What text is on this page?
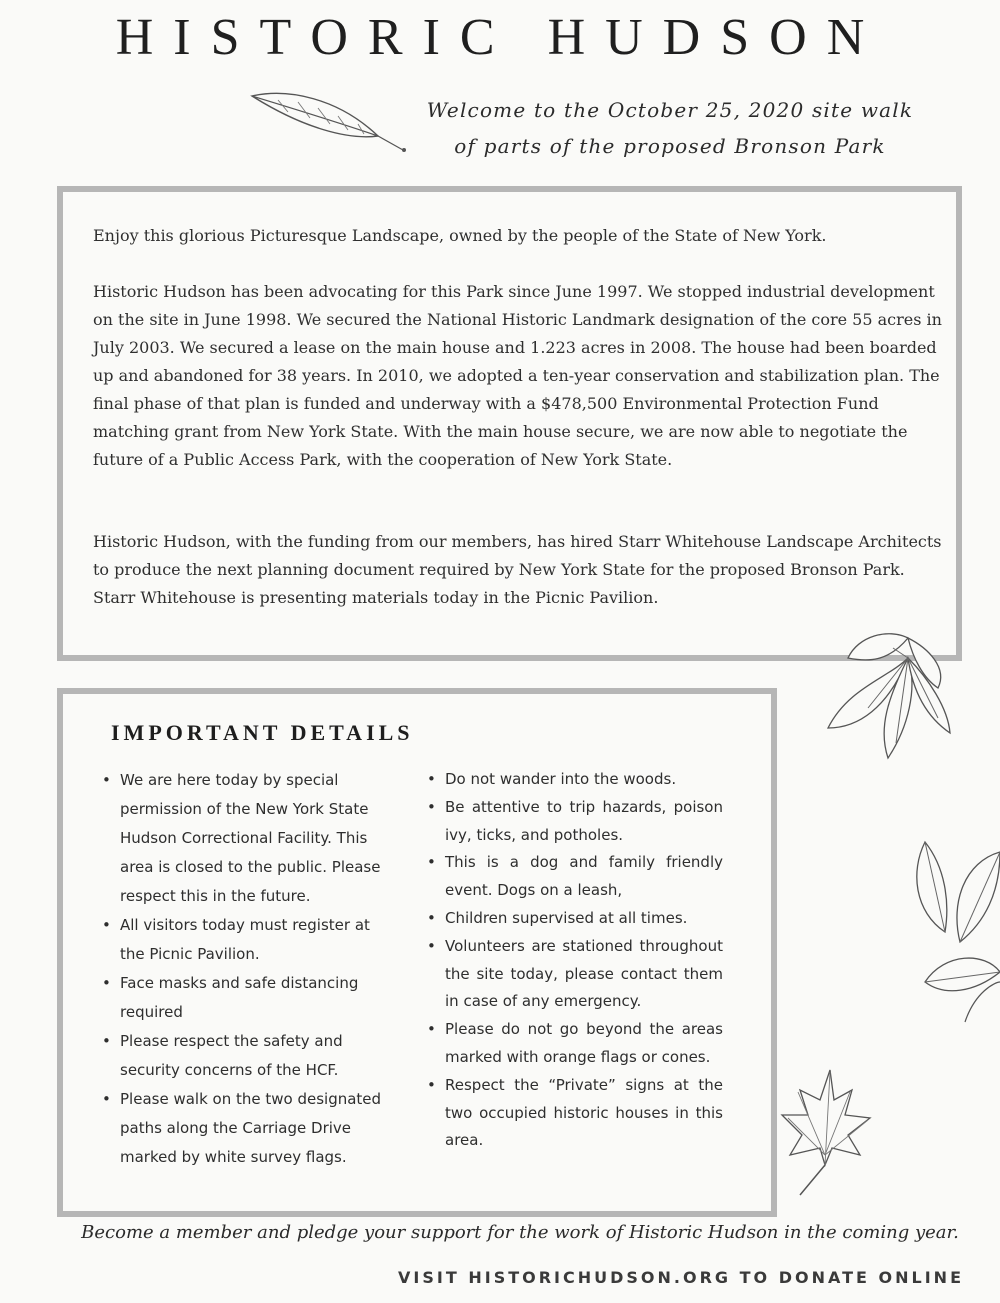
HISTORIC HUDSON
Welcome to the October 25, 2020 site walk
of parts of the proposed Bronson Park

Enjoy this glorious Picturesque Landscape, owned by the people of the State of New York.

Historic Hudson has been advocating for this Park since June 1997. We stopped industrial development on the site in June 1998. We secured the National Historic Landmark designation of the core 55 acres in July 2003. We secured a lease on the main house and 1.223 acres in 2008. The house had been boarded up and abandoned for 38 years. In 2010, we adopted a ten-year conservation and stabilization plan. The final phase of that plan is funded and underway with a $478,500 Environmental Protection Fund matching grant from New York State. With the main house secure, we are now able to negotiate the future of a Public Access Park, with the cooperation of New York State.

Historic Hudson, with the funding from our members, has hired Starr Whitehouse Landscape Architects to produce the next planning document required by New York State for the proposed Bronson Park. Starr Whitehouse is presenting materials today in the Picnic Pavilion.

IMPORTANT DETAILS
• We are here today by special permission of the New York State Hudson Correctional Facility. This area is closed to the public. Please respect this in the future.
• All visitors today must register at the Picnic Pavilion.
• Face masks and safe distancing required
• Please respect the safety and security concerns of the HCF.
• Please walk on the two designated paths along the Carriage Drive marked by white survey flags.
• Do not wander into the woods.
• Be attentive to trip hazards, poison ivy, ticks, and potholes.
• This is a dog and family friendly event. Dogs on a leash,
• Children supervised at all times.
• Volunteers are stationed throughout the site today, please contact them in case of any emergency.
• Please do not go beyond the areas marked with orange flags or cones.
• Respect the “Private” signs at the two occupied historic houses in this area.
Become a member and pledge your support for the work of Historic Hudson in the coming year.
VISIT HISTORICHUDSON.ORG TO DONATE ONLINE
